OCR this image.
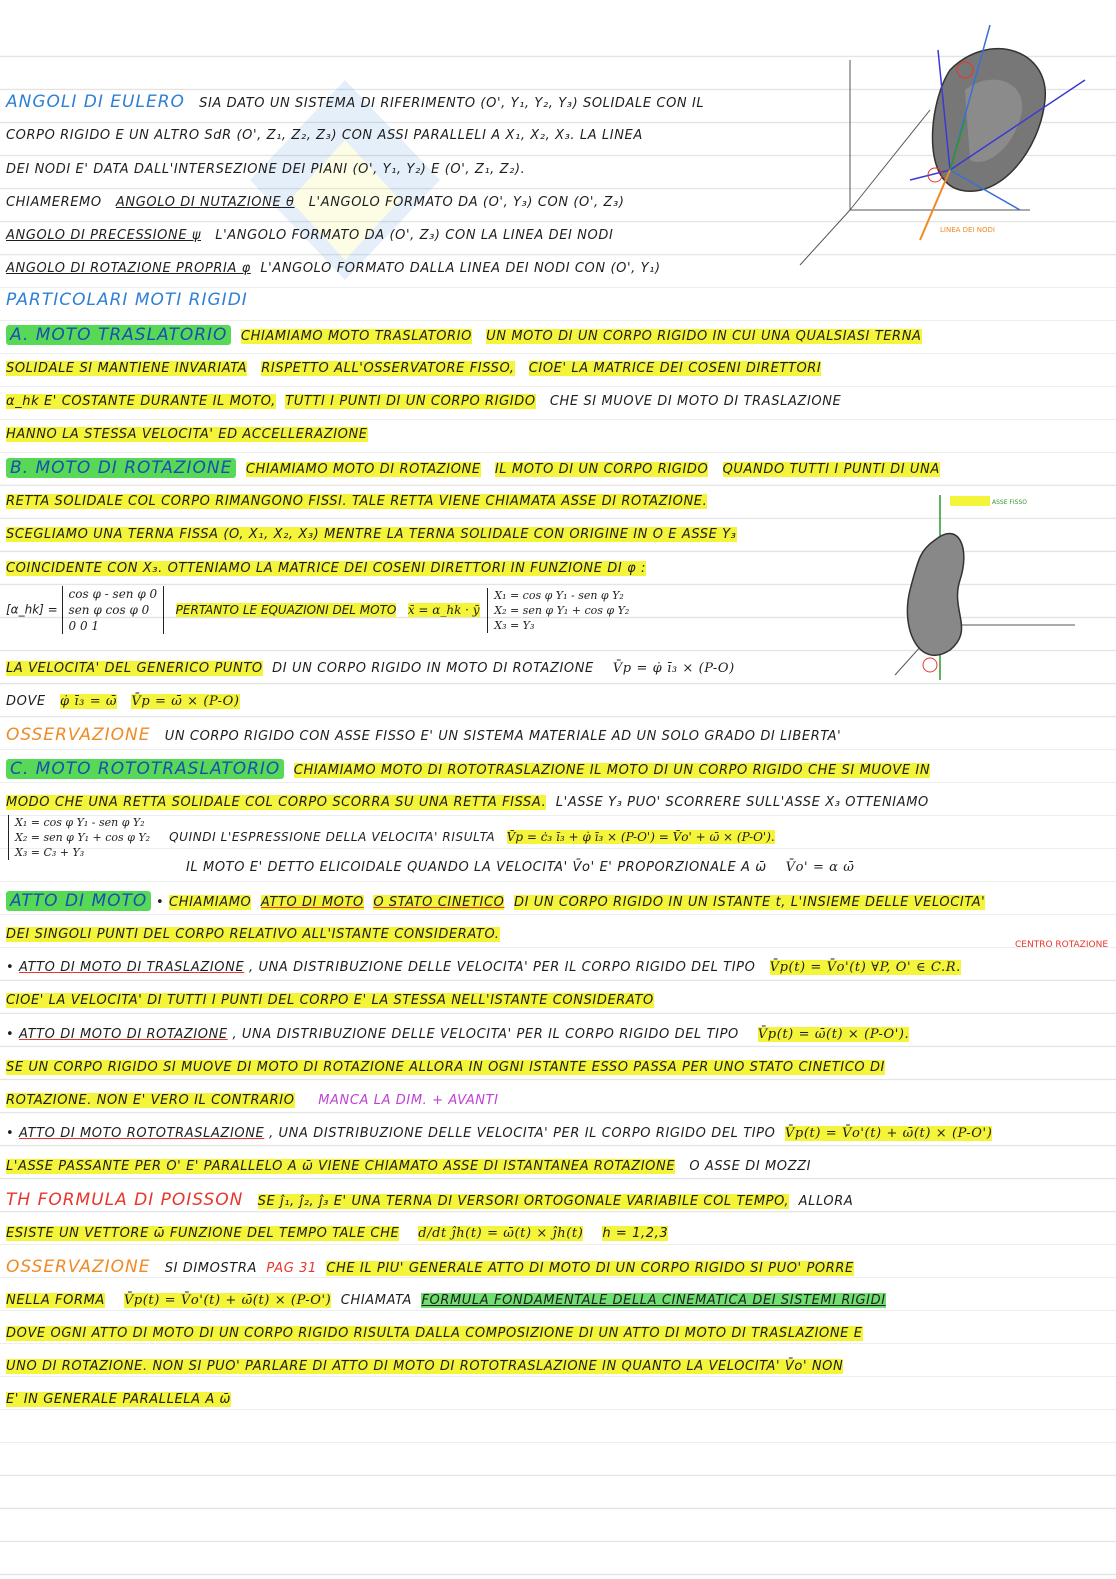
LINEA DEI NODI
ASSE FISSO
ANGOLI DI EULERO SIA DATO UN SISTEMA DI RIFERIMENTO (O', Y₁, Y₂, Y₃) SOLIDALE CON IL
CORPO RIGIDO E UN ALTRO SdR (O', Z₁, Z₂, Z₃) CON ASSI PARALLELI A X₁, X₂, X₃. LA LINEA
DEI NODI E' DATA DALL'INTERSEZIONE DEI PIANI (O', Y₁, Y₂) E (O', Z₁, Z₂).
CHIAMEREMO ANGOLO DI NUTAZIONE θ L'ANGOLO FORMATO DA (O', Y₃) CON (O', Z₃)
ANGOLO DI PRECESSIONE ψ L'ANGOLO FORMATO DA (O', Z₃) CON LA LINEA DEI NODI
ANGOLO DI ROTAZIONE PROPRIA φ L'ANGOLO FORMATO DALLA LINEA DEI NODI CON (O', Y₁)
PARTICOLARI MOTI RIGIDI
A. MOTO TRASLATORIO CHIAMIAMO MOTO TRASLATORIO UN MOTO DI UN CORPO RIGIDO IN CUI UNA QUALSIASI TERNA
SOLIDALE SI MANTIENE INVARIATA RISPETTO ALL'OSSERVATORE FISSO, CIOE' LA MATRICE DEI COSENI DIRETTORI
α_hk E' COSTANTE DURANTE IL MOTO, TUTTI I PUNTI DI UN CORPO RIGIDO CHE SI MUOVE DI MOTO DI TRASLAZIONE
HANNO LA STESSA VELOCITA' ED ACCELLERAZIONE
B. MOTO DI ROTAZIONE CHIAMIAMO MOTO DI ROTAZIONE IL MOTO DI UN CORPO RIGIDO QUANDO TUTTI I PUNTI DI UNA
RETTA SOLIDALE COL CORPO RIMANGONO FISSI. TALE RETTA VIENE CHIAMATA ASSE DI ROTAZIONE.
SCEGLIAMO UNA TERNA FISSA (O, X₁, X₂, X₃) MENTRE LA TERNA SOLIDALE CON ORIGINE IN O E ASSE Y₃
COINCIDENTE CON X₃. OTTENIAMO LA MATRICE DEI COSENI DIRETTORI IN FUNZIONE DI φ :
[α_hk] = cos φ - sen φ 0
sen φ cos φ 0
0 0 1   PERTANTO LE EQUAZIONI DEL MOTO x̄ = α_hk · ȳ  X₁ = cos φ Y₁ - sen φ Y₂
X₂ = sen φ Y₁ + cos φ Y₂
X₃ = Y₃
LA VELOCITA' DEL GENERICO PUNTO DI UN CORPO RIGIDO IN MOTO DI ROTAZIONE V̄p = φ̇ ī₃ × (P-O)
DOVE φ̇ ī₃ = ω̄ V̄p = ω̄ × (P-O)
OSSERVAZIONE UN CORPO RIGIDO CON ASSE FISSO E' UN SISTEMA MATERIALE AD UN SOLO GRADO DI LIBERTA'
C. MOTO ROTOTRASLATORIO CHIAMIAMO MOTO DI ROTOTRASLAZIONE IL MOTO DI UN CORPO RIGIDO CHE SI MUOVE IN
MODO CHE UNA RETTA SOLIDALE COL CORPO SCORRA SU UNA RETTA FISSA. L'ASSE Y₃ PUO' SCORRERE SULL'ASSE X₃ OTTENIAMO
X₁ = cos φ Y₁ - sen φ Y₂
X₂ = sen φ Y₁ + cos φ Y₂
X₃ = C₃ + Y₃     QUINDI L'ESPRESSIONE DELLA VELOCITA' RISULTA V̄p = ċ₃ ī₃ + φ̇ ī₃ × (P-O') = V̄o' + ω̄ × (P-O').
IL MOTO E' DETTO ELICOIDALE QUANDO LA VELOCITA' V̄o' E' PROPORZIONALE A ω̄ V̄o' = α ω̄
ATTO DI MOTO • CHIAMIAMO ATTO DI MOTO O STATO CINETICO DI UN CORPO RIGIDO IN UN ISTANTE t, L'INSIEME DELLE VELOCITA'
DEI SINGOLI PUNTI DEL CORPO RELATIVO ALL'ISTANTE CONSIDERATO.
CENTRO ROTAZIONE
• ATTO DI MOTO DI TRASLAZIONE , UNA DISTRIBUZIONE DELLE VELOCITA' PER IL CORPO RIGIDO DEL TIPO V̄p(t) = V̄o'(t) ∀P, O' ∈ C.R.
CIOE' LA VELOCITA' DI TUTTI I PUNTI DEL CORPO E' LA STESSA NELL'ISTANTE CONSIDERATO
• ATTO DI MOTO DI ROTAZIONE , UNA DISTRIBUZIONE DELLE VELOCITA' PER IL CORPO RIGIDO DEL TIPO V̄p(t) = ω̄(t) × (P-O').
SE UN CORPO RIGIDO SI MUOVE DI MOTO DI ROTAZIONE ALLORA IN OGNI ISTANTE ESSO PASSA PER UNO STATO CINETICO DI
ROTAZIONE. NON E' VERO IL CONTRARIO MANCA LA DIM. + AVANTI
• ATTO DI MOTO ROTOTRASLAZIONE , UNA DISTRIBUZIONE DELLE VELOCITA' PER IL CORPO RIGIDO DEL TIPO V̄p(t) = V̄o'(t) + ω̄(t) × (P-O')
L'ASSE PASSANTE PER O' E' PARALLELO A ω̄ VIENE CHIAMATO ASSE DI ISTANTANEA ROTAZIONE O ASSE DI MOZZI
TH FORMULA DI POISSON SE ĵ₁, ĵ₂, ĵ₃ E' UNA TERNA DI VERSORI ORTOGONALE VARIABILE COL TEMPO, ALLORA
ESISTE UN VETTORE ω̄ FUNZIONE DEL TEMPO TALE CHE d/dt ĵh(t) = ω̄(t) × ĵh(t) h = 1,2,3
OSSERVAZIONE SI DIMOSTRA PAG 31 CHE IL PIU' GENERALE ATTO DI MOTO DI UN CORPO RIGIDO SI PUO' PORRE
NELLA FORMA V̄p(t) = V̄o'(t) + ω̄(t) × (P-O') CHIAMATA FORMULA FONDAMENTALE DELLA CINEMATICA DEI SISTEMI RIGIDI
DOVE OGNI ATTO DI MOTO DI UN CORPO RIGIDO RISULTA DALLA COMPOSIZIONE DI UN ATTO DI MOTO DI TRASLAZIONE E
UNO DI ROTAZIONE. NON SI PUO' PARLARE DI ATTO DI MOTO DI ROTOTRASLAZIONE IN QUANTO LA VELOCITA' V̄o' NON
E' IN GENERALE PARALLELA A ω̄
